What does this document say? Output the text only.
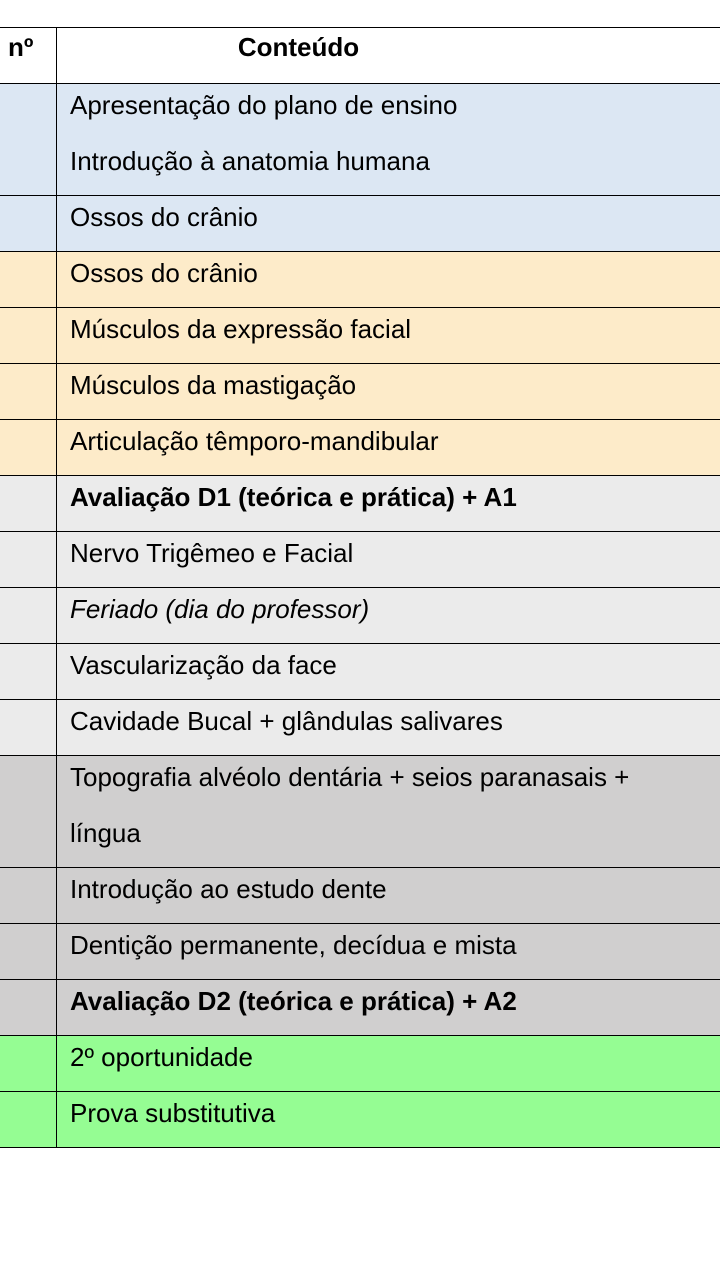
nº	Conteúdo
Apresentação do plano de ensino
Introdução à anatomia humana
Ossos do crânio
Ossos do crânio
Músculos da expressão facial
Músculos da mastigação
Articulação têmporo-mandibular
Avaliação D1 (teórica e prática) + A1
Nervo Trigêmeo e Facial
Feriado (dia do professor)
Vascularização da face
Cavidade Bucal + glândulas salivares
Topografia alvéolo dentária + seios paranasais +
língua
Introdução ao estudo dente
Dentição permanente, decídua e mista
Avaliação D2 (teórica e prática) + A2
2º oportunidade
Prova substitutiva
